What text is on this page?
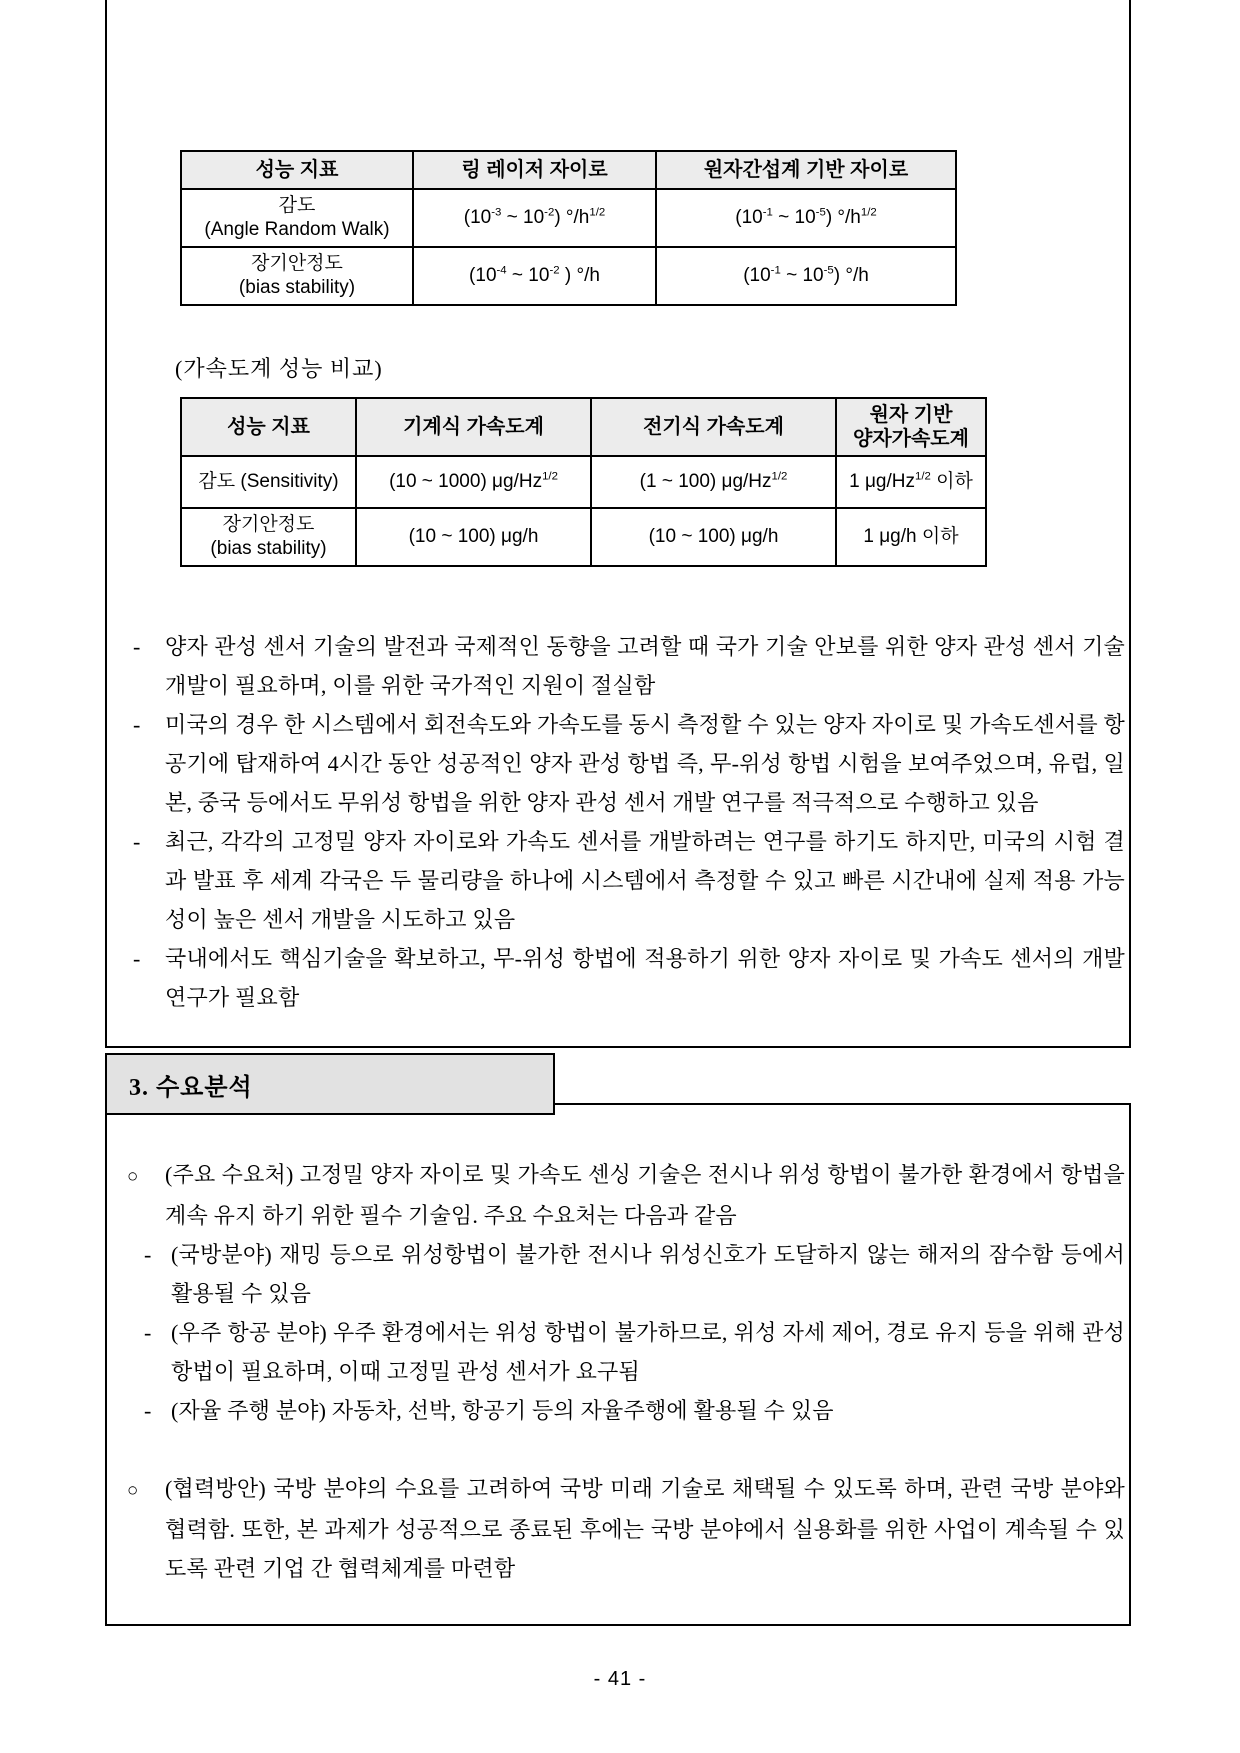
성능 지표	링 레이저 자이로	원자간섭계 기반 자이로
감도
(Angle Random Walk)	($10^{-3}$ ~ $10^{-2}$) $^\circ/h^{1/2}$	($10^{-1}$ ~ $10^{-5}$) $^\circ/h^{1/2}$
장기안정도
(bias stability)	($10^{-4}$ ~ $10^{-2}$ ) °/h	($10^{-1}$ ~ $10^{-5}$) °/h
(가속도계 성능 비교)
성능 지표	기계식 가속도계	전기식 가속도계	원자 기반
양자가속도계
감도 (Sensitivity)	(10 ~ 1000) $\mu g/Hz^{1/2}$	(1 ~ 100) $\mu g/Hz^{1/2}$	1 $\mu g/Hz^{1/2}$ 이하
장기안정도
(bias stability)	(10 ~ 100) μg/h	(10 ~ 100) μg/h	1 μg/h 이하
- 양자 관성 센서 기술의 발전과 국제적인 동향을 고려할 때 국가 기술 안보를 위한 양자 관성 센서 기술 개발이 필요하며, 이를 위한 국가적인 지원이 절실함
- 미국의 경우 한 시스템에서 회전속도와 가속도를 동시 측정할 수 있는 양자 자이로 및 가속도센서를 항공기에 탑재하여 4시간 동안 성공적인 양자 관성 항법 즉, 무-위성 항법 시험을 보여주었으며, 유럽, 일본, 중국 등에서도 무위성 항법을 위한 양자 관성 센서 개발 연구를 적극적으로 수행하고 있음
- 최근, 각각의 고정밀 양자 자이로와 가속도 센서를 개발하려는 연구를 하기도 하지만, 미국의 시험 결과 발표 후 세계 각국은 두 물리량을 하나에 시스템에서 측정할 수 있고 빠른 시간내에 실제 적용 가능성이 높은 센서 개발을 시도하고 있음
- 국내에서도 핵심기술을 확보하고, 무-위성 항법에 적용하기 위한 양자 자이로 및 가속도 센서의 개발 연구가 필요함
3. 수요분석
○ (주요 수요처) 고정밀 양자 자이로 및 가속도 센싱 기술은 전시나 위성 항법이 불가한 환경에서 항법을 계속 유지 하기 위한 필수 기술임. 주요 수요처는 다음과 같음
- (국방분야) 재밍 등으로 위성항법이 불가한 전시나 위성신호가 도달하지 않는 해저의 잠수함 등에서 활용될 수 있음
- (우주 항공 분야) 우주 환경에서는 위성 항법이 불가하므로, 위성 자세 제어, 경로 유지 등을 위해 관성항법이 필요하며, 이때 고정밀 관성 센서가 요구됨
- (자율 주행 분야) 자동차, 선박, 항공기 등의 자율주행에 활용될 수 있음
○ (협력방안) 국방 분야의 수요를 고려하여 국방 미래 기술로 채택될 수 있도록 하며, 관련 국방 분야와 협력함. 또한, 본 과제가 성공적으로 종료된 후에는 국방 분야에서 실용화를 위한 사업이 계속될 수 있도록 관련 기업 간 협력체계를 마련함
- 41 -
